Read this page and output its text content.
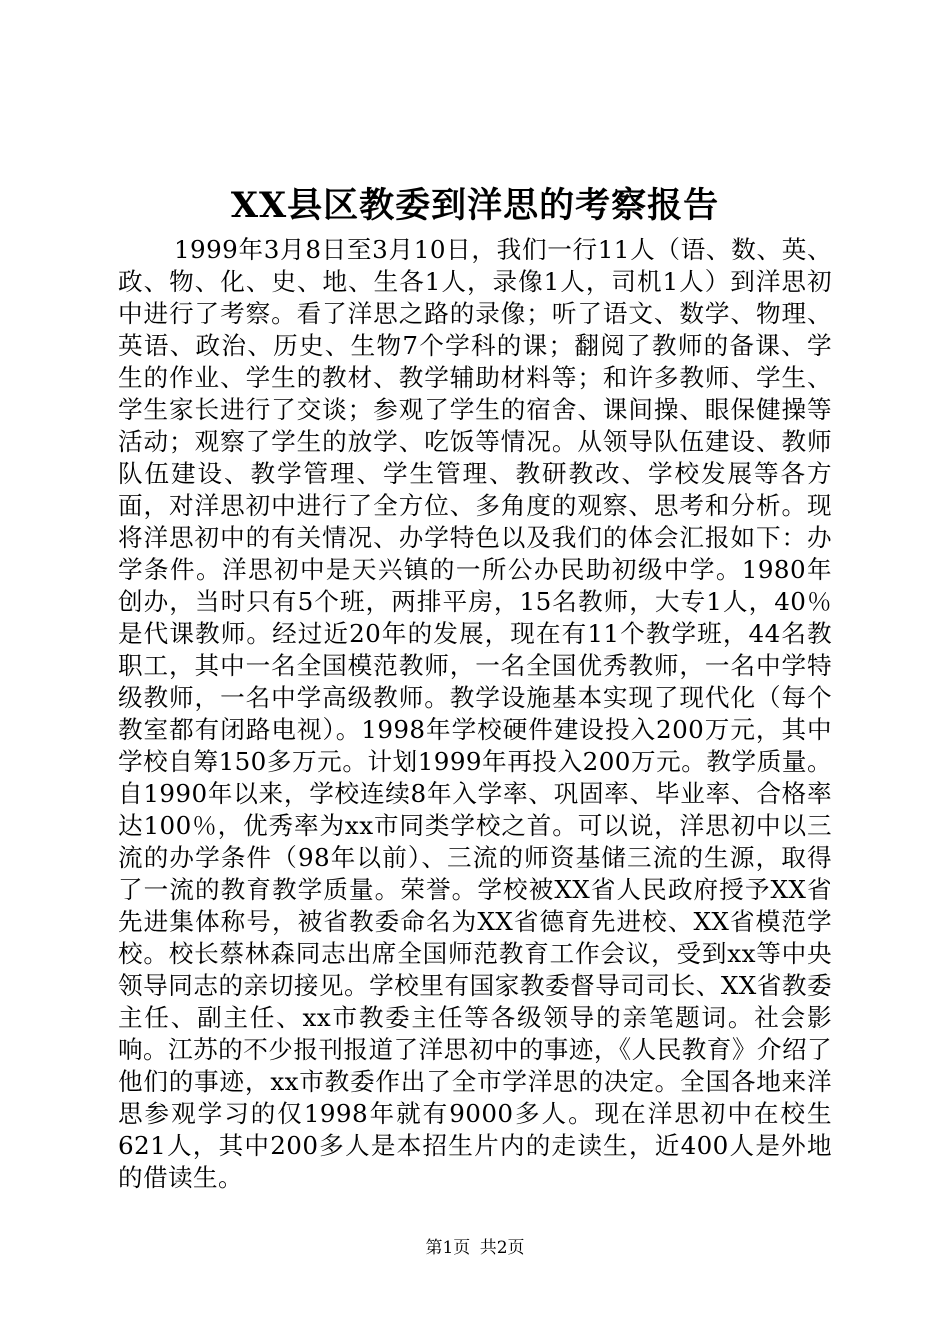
XX县区教委到洋思的考察报告

1999年3月8日至3月10日，我们一行11人（语、数、英、政、物、化、史、地、生各1人，录像1人，司机1人）到洋思初中进行了考察。看了洋思之路的录像；听了语文、数学、物理、英语、政治、历史、生物7个学科的课；翻阅了教师的备课、学生的作业、学生的教材、教学辅助材料等；和许多教师、学生、学生家长进行了交谈；参观了学生的宿舍、课间操、眼保健操等活动；观察了学生的放学、吃饭等情况。从领导队伍建设、教师队伍建设、教学管理、学生管理、教研教改、学校发展等各方面，对洋思初中进行了全方位、多角度的观察、思考和分析。现将洋思初中的有关情况、办学特色以及我们的体会汇报如下：办学条件。洋思初中是天兴镇的一所公办民助初级中学。1980年创办，当时只有5个班，两排平房，15名教师，大专1人，40％是代课教师。经过近20年的发展，现在有11个教学班，44名教职工，其中一名全国模范教师，一名全国优秀教师，一名中学特级教师，一名中学高级教师。教学设施基本实现了现代化（每个教室都有闭路电视）。1998年学校硬件建设投入200万元，其中学校自筹150多万元。计划1999年再投入200万元。教学质量。自1990年以来，学校连续8年入学率、巩固率、毕业率、合格率达100％，优秀率为xx市同类学校之首。可以说，洋思初中以三流的办学条件（98年以前）、三流的师资基储三流的生源，取得了一流的教育教学质量。荣誉。学校被XX省人民政府授予XX省先进集体称号，被省教委命名为XX省德育先进校、XX省模范学校。校长蔡林森同志出席全国师范教育工作会议，受到xx等中央领导同志的亲切接见。学校里有国家教委督导司司长、XX省教委主任、副主任、xx市教委主任等各级领导的亲笔题词。社会影响。江苏的不少报刊报道了洋思初中的事迹，《人民教育》介绍了他们的事迹，xx市教委作出了全市学洋思的决定。全国各地来洋思参观学习的仅1998年就有9000多人。现在洋思初中在校生621人，其中200多人是本招生片内的走读生，近400人是外地的借读生。

第1页 共2页
